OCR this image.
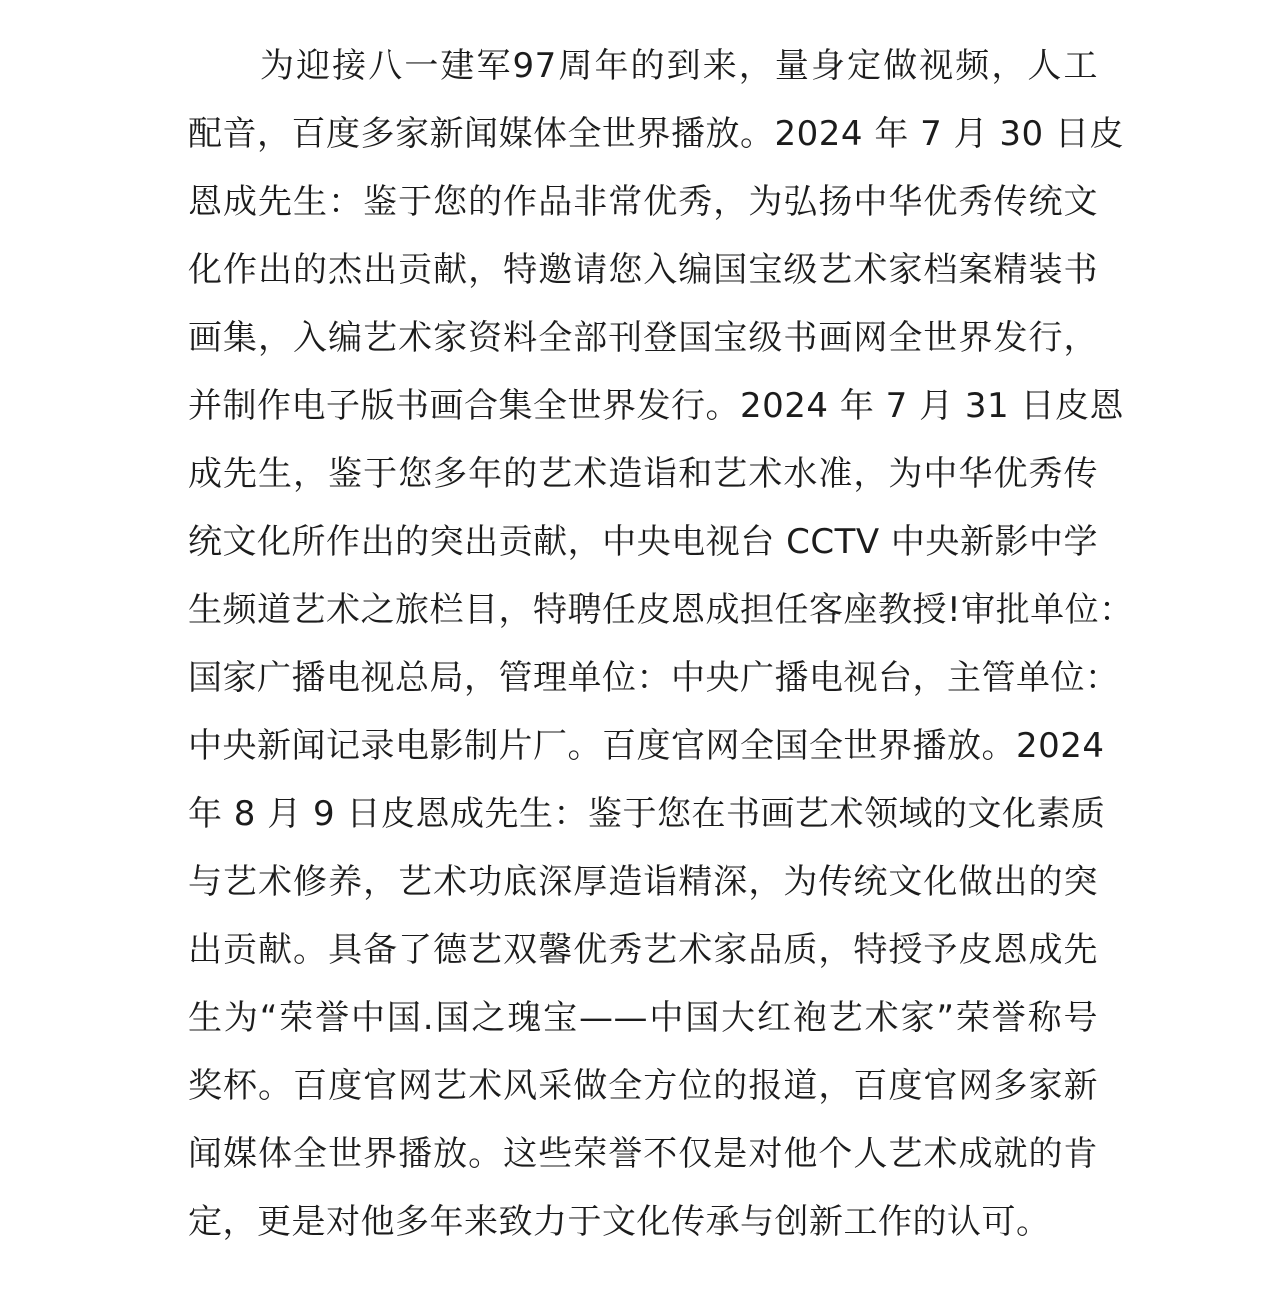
为迎接八一建军97周年的到来，量身定做视频，人工
配音，百度多家新闻媒体全世界播放。2024 年 7 月 30 日皮
恩成先生：鉴于您的作品非常优秀，为弘扬中华优秀传统文
化作出的杰出贡献，特邀请您入编国宝级艺术家档案精装书
画集，入编艺术家资料全部刊登国宝级书画网全世界发行，
并制作电子版书画合集全世界发行。2024 年 7 月 31 日皮恩
成先生，鉴于您多年的艺术造诣和艺术水准，为中华优秀传
统文化所作出的突出贡献，中央电视台 CCTV 中央新影中学
生频道艺术之旅栏目，特聘任皮恩成担任客座教授!审批单位：
国家广播电视总局，管理单位：中央广播电视台，主管单位：
中央新闻记录电影制片厂。百度官网全国全世界播放。2024
年 8 月 9 日皮恩成先生：鉴于您在书画艺术领域的文化素质
与艺术修养，艺术功底深厚造诣精深，为传统文化做出的突
出贡献。具备了德艺双馨优秀艺术家品质，特授予皮恩成先
生为“荣誉中国.国之瑰宝——中国大红袍艺术家”荣誉称号
奖杯。百度官网艺术风采做全方位的报道，百度官网多家新
闻媒体全世界播放。这些荣誉不仅是对他个人艺术成就的肯
定，更是对他多年来致力于文化传承与创新工作的认可。
